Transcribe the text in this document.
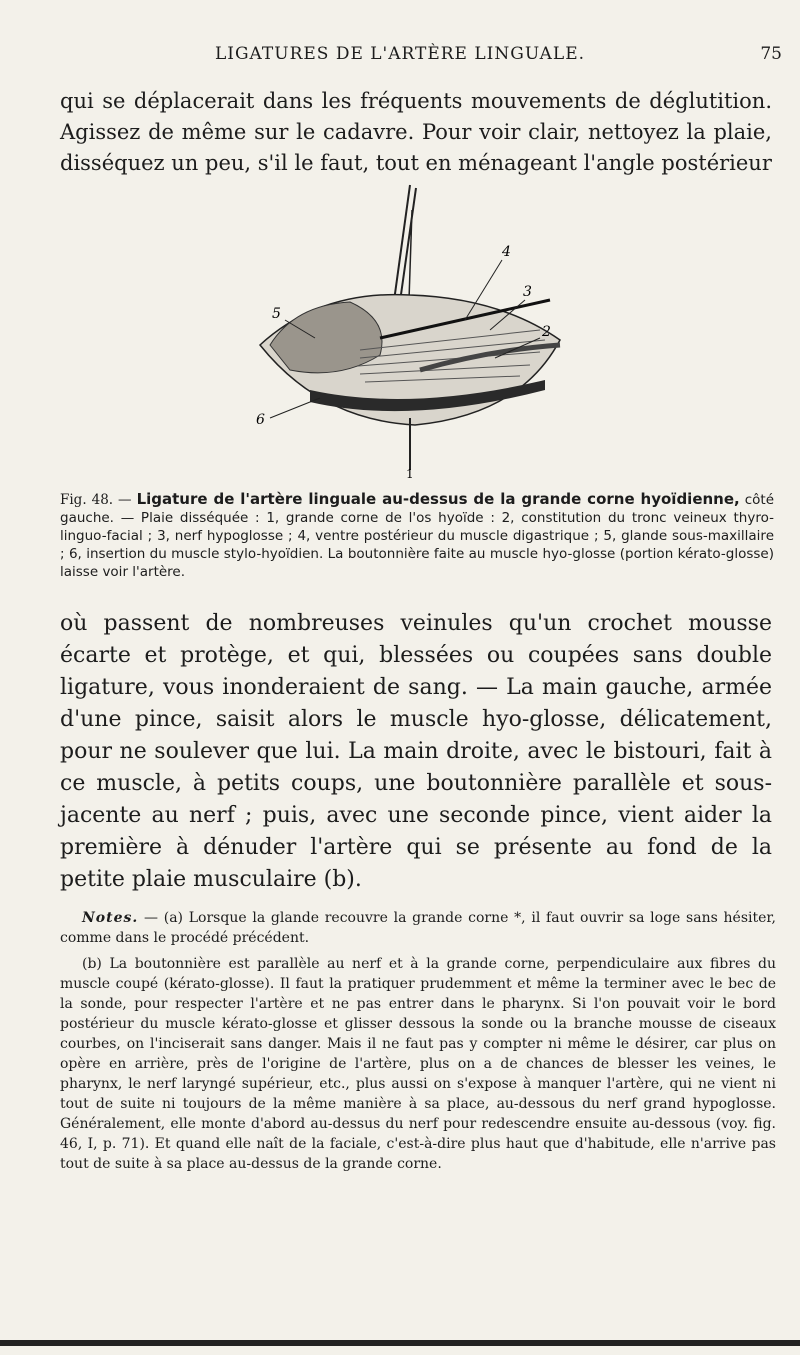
LIGATURES DE L'ARTÈRE LINGUALE.	75

qui se déplacerait dans les fréquents mouvements de déglutition. Agissez de même sur le cadavre. Pour voir clair, nettoyez la plaie, disséquez un peu, s'il le faut, tout en ménageant l'angle postérieur

5
4
3
2
6
1

Fig. 48. — Ligature de l'artère linguale au-dessus de la grande corne hyoïdienne, côté gauche. — Plaie disséquée : 1, grande corne de l'os hyoïde : 2, constitution du tronc veineux thyro-linguo-facial ; 3, nerf hypoglosse ; 4, ventre postérieur du muscle digastrique ; 5, glande sous-maxillaire ; 6, insertion du muscle stylo-hyoïdien. La boutonnière faite au muscle hyo-glosse (portion kérato-glosse) laisse voir l'artère.

où passent de nombreuses veinules qu'un crochet mousse écarte et protège, et qui, blessées ou coupées sans double ligature, vous inonderaient de sang. — La main gauche, armée d'une pince, saisit alors le muscle hyo-glosse, délicatement, pour ne soulever que lui. La main droite, avec le bistouri, fait à ce muscle, à petits coups, une boutonnière parallèle et sous-jacente au nerf ; puis, avec une seconde pince, vient aider la première à dénuder l'artère qui se présente au fond de la petite plaie musculaire (b).

Notes. — (a) Lorsque la glande recouvre la grande corne *, il faut ouvrir sa loge sans hésiter, comme dans le procédé précédent.

(b) La boutonnière est parallèle au nerf et à la grande corne, perpendiculaire aux fibres du muscle coupé (kérato-glosse). Il faut la pratiquer prudemment et même la terminer avec le bec de la sonde, pour respecter l'artère et ne pas entrer dans le pharynx. Si l'on pouvait voir le bord postérieur du muscle kérato-glosse et glisser dessous la sonde ou la branche mousse de ciseaux courbes, on l'inciserait sans danger. Mais il ne faut pas y compter ni même le désirer, car plus on opère en arrière, près de l'origine de l'artère, plus on a de chances de blesser les veines, le pharynx, le nerf laryngé supérieur, etc., plus aussi on s'expose à manquer l'artère, qui ne vient ni tout de suite ni toujours de la même manière à sa place, au-dessous du nerf grand hypoglosse. Généralement, elle monte d'abord au-dessus du nerf pour redescendre ensuite au-dessous (voy. fig. 46, I, p. 71). Et quand elle naît de la faciale, c'est-à-dire plus haut que d'habitude, elle n'arrive pas tout de suite à sa place au-dessus de la grande corne.
